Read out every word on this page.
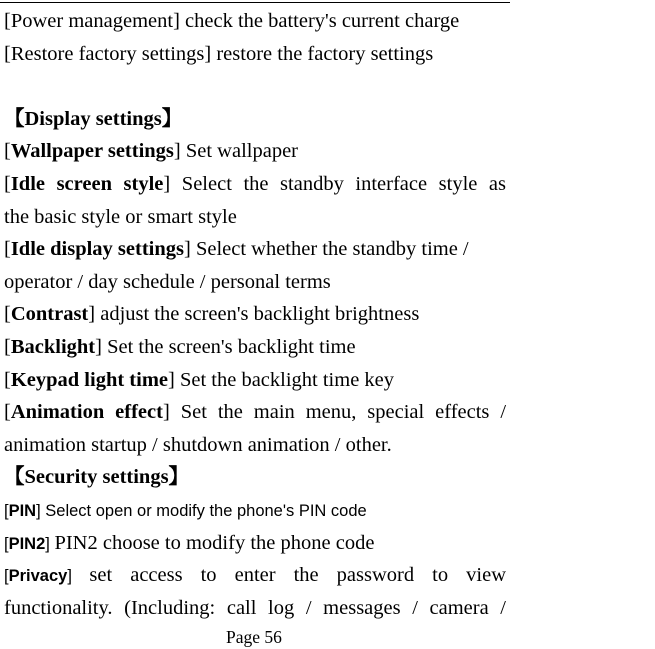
[Power management] check the battery's current charge
[Restore factory settings] restore the factory settings
【Display settings】
[Wallpaper settings] Set wallpaper
[Idle screen style] Select the standby interface style as
the basic style or smart style
[Idle display settings] Select whether the standby time /
operator / day schedule / personal terms
[Contrast] adjust the screen's backlight brightness
[Backlight] Set the screen's backlight time
[Keypad light time] Set the backlight time key
[Animation effect] Set the main menu, special effects /
animation startup / shutdown animation / other.
【Security settings】
[PIN] Select open or modify the phone's PIN code
[PIN2] PIN2 choose to modify the phone code
[Privacy] set access to enter the password to view
functionality. (Including: call log / messages / camera /
Page 56
